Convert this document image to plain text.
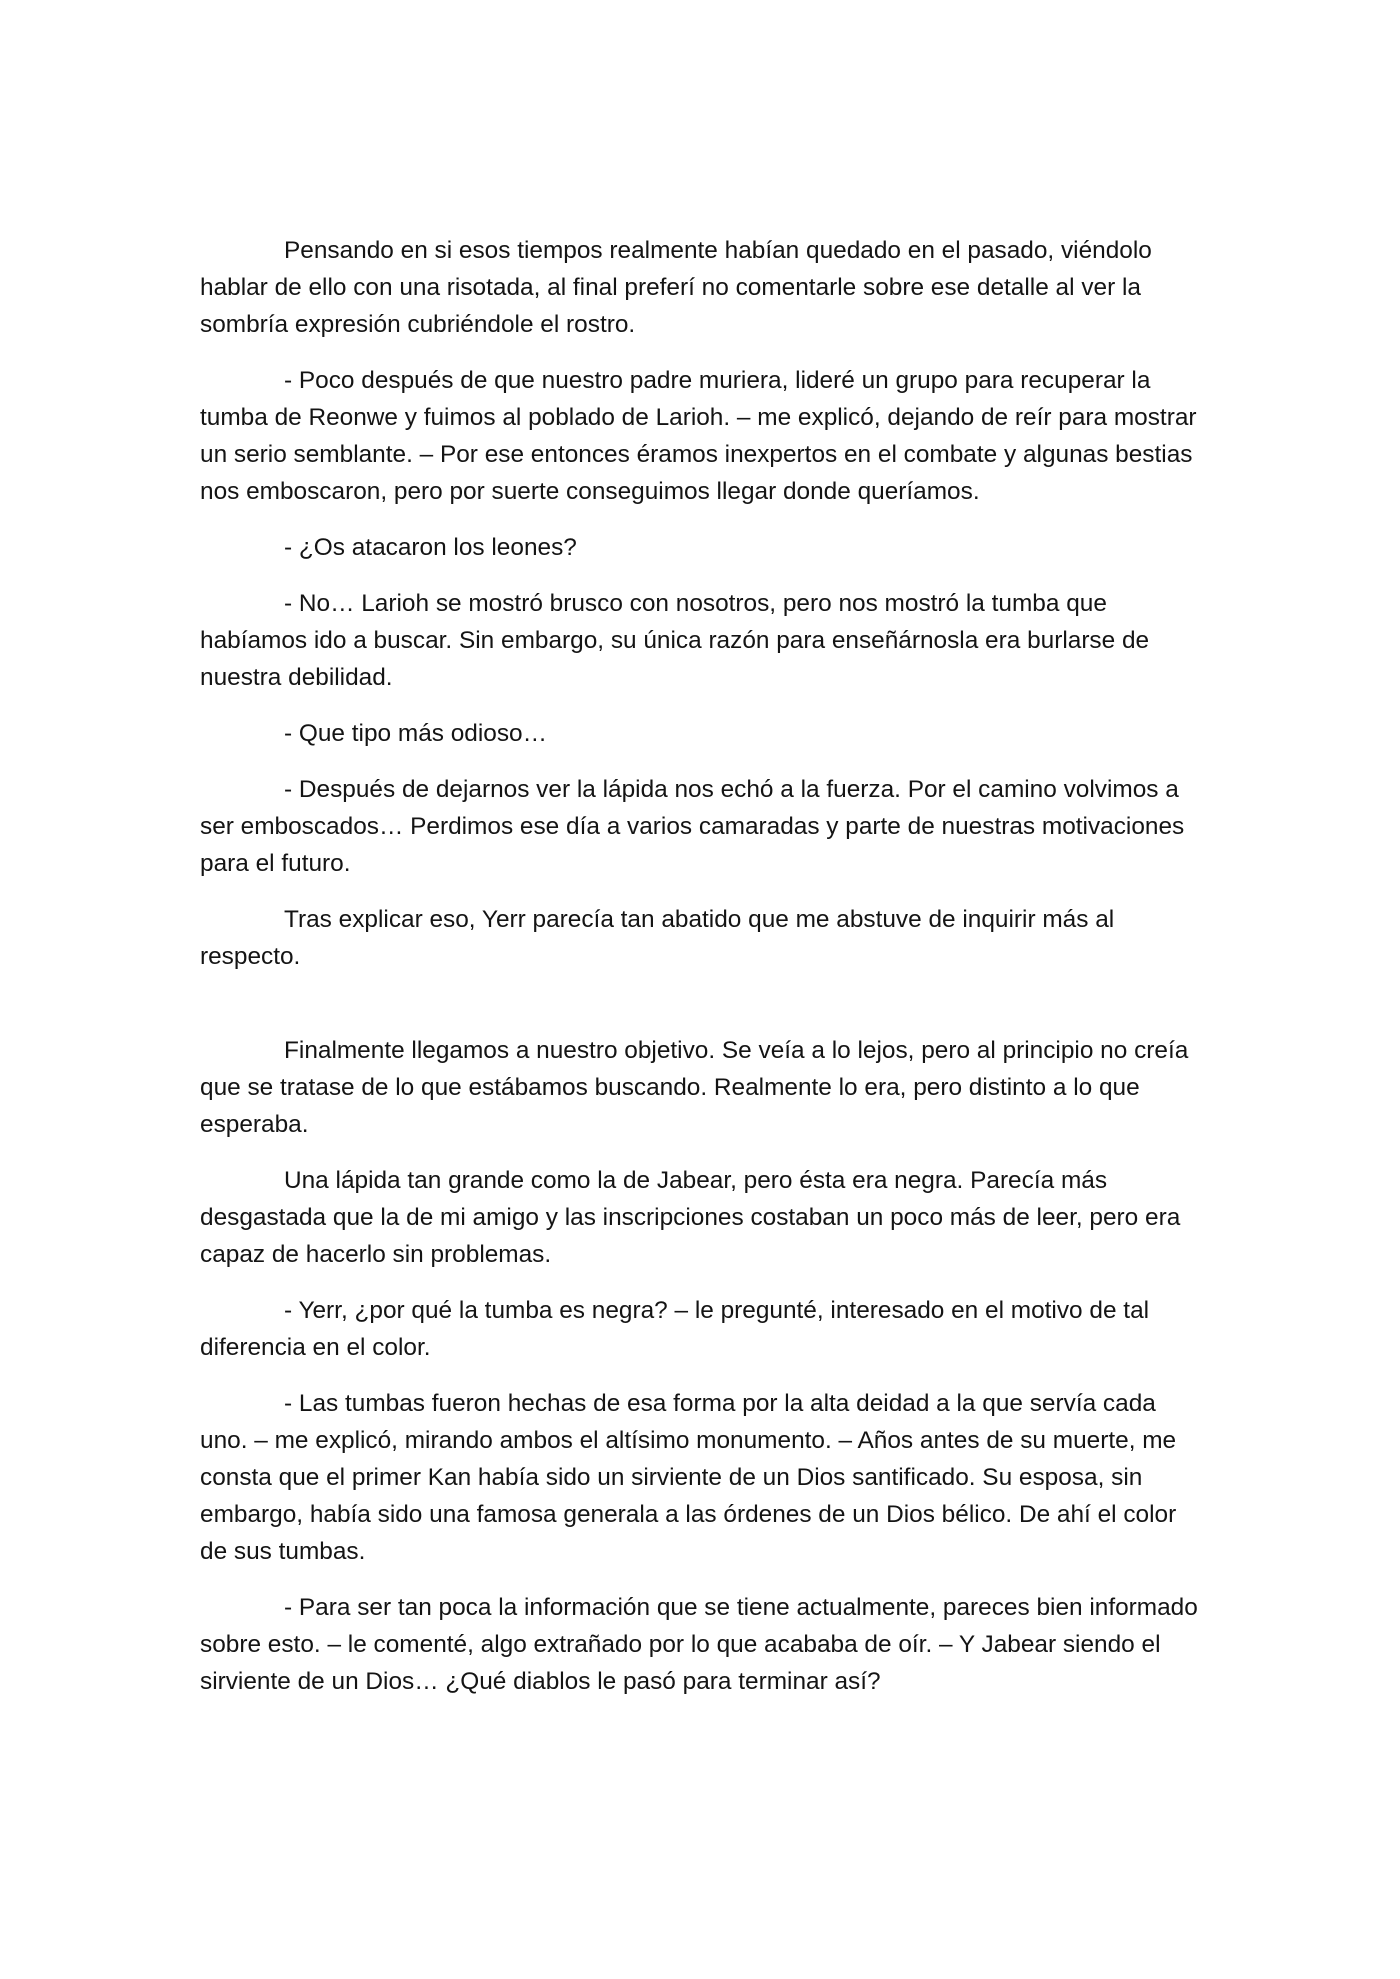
Pensando en si esos tiempos realmente habían quedado en el pasado, viéndolo hablar de ello con una risotada, al final preferí no comentarle sobre ese detalle al ver la sombría expresión cubriéndole el rostro.

- Poco después de que nuestro padre muriera, lideré un grupo para recuperar la tumba de Reonwe y fuimos al poblado de Larioh. – me explicó, dejando de reír para mostrar un serio semblante. – Por ese entonces éramos inexpertos en el combate y algunas bestias nos emboscaron, pero por suerte conseguimos llegar donde queríamos.

- ¿Os atacaron los leones?

- No… Larioh se mostró brusco con nosotros, pero nos mostró la tumba que habíamos ido a buscar. Sin embargo, su única razón para enseñárnosla era burlarse de nuestra debilidad.

- Que tipo más odioso…

- Después de dejarnos ver la lápida nos echó a la fuerza. Por el camino volvimos a ser emboscados… Perdimos ese día a varios camaradas y parte de nuestras motivaciones para el futuro.

Tras explicar eso, Yerr parecía tan abatido que me abstuve de inquirir más al respecto.

Finalmente llegamos a nuestro objetivo. Se veía a lo lejos, pero al principio no creía que se tratase de lo que estábamos buscando. Realmente lo era, pero distinto a lo que esperaba.

Una lápida tan grande como la de Jabear, pero ésta era negra. Parecía más desgastada que la de mi amigo y las inscripciones costaban un poco más de leer, pero era capaz de hacerlo sin problemas.

- Yerr, ¿por qué la tumba es negra? – le pregunté, interesado en el motivo de tal diferencia en el color.

- Las tumbas fueron hechas de esa forma por la alta deidad a la que servía cada uno. – me explicó, mirando ambos el altísimo monumento. – Años antes de su muerte, me consta que el primer Kan había sido un sirviente de un Dios santificado. Su esposa, sin embargo, había sido una famosa generala a las órdenes de un Dios bélico. De ahí el color de sus tumbas.

- Para ser tan poca la información que se tiene actualmente, pareces bien informado sobre esto. – le comenté, algo extrañado por lo que acababa de oír. – Y Jabear siendo el sirviente de un Dios… ¿Qué diablos le pasó para terminar así?
